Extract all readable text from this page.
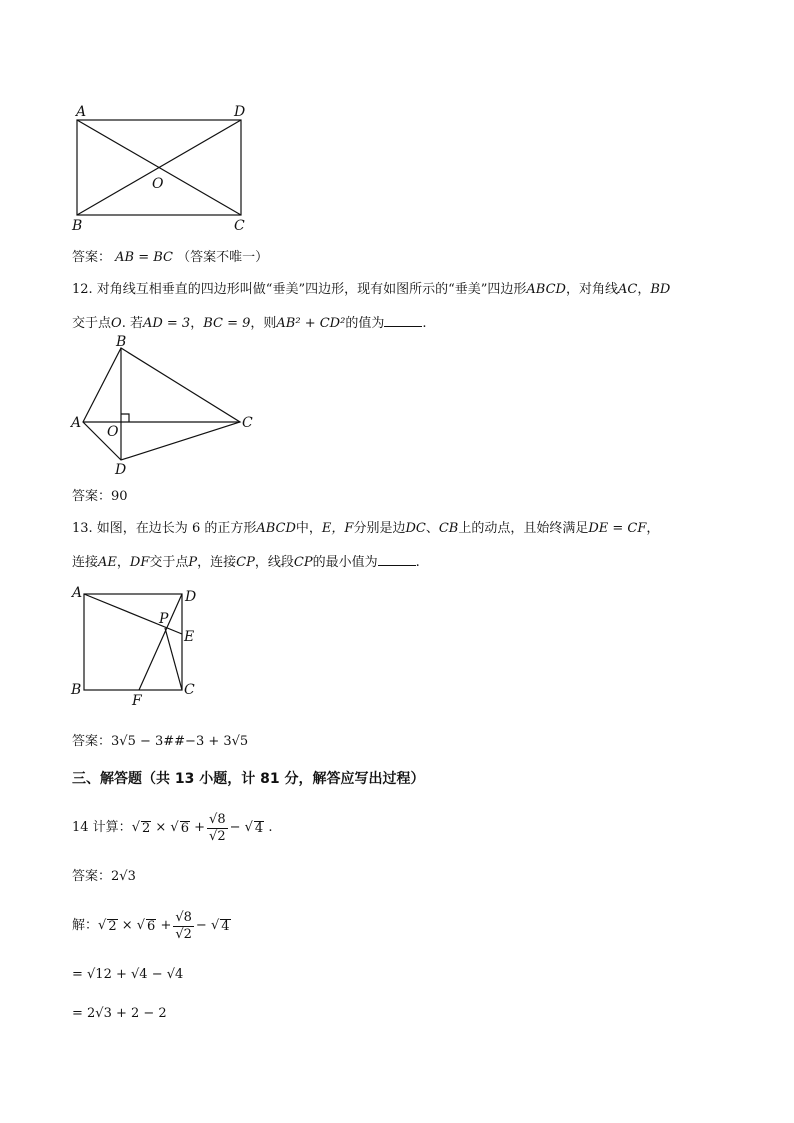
A	D
O
B	C
答案： AB = BC （答案不唯一）
12. 对角线互相垂直的四边形叫做“垂美”四边形，现有如图所示的“垂美”四边形ABCD，对角线AC，BD
交于点O. 若AD = 3，BC = 9，则AB² + CD²的值为	.
B
A
O
C
D
答案：90
13. 如图，在边长为 6 的正方形ABCD中，E，F分别是边DC、CB上的动点，且始终满足DE = CF，
连接AE，DF交于点P，连接CP，线段CP的最小值为	.
A	D
P
E
B
F
C
答案：3√5 − 3##−3 + 3√5
三、解答题（共 13 小题，计 81 分，解答应写出过程）
14 计算： √ 2 × √ $6 + \frac{√8}{√2}$ − √ 4 .
答案：2√3
解： √ 2 × √ $6 + \frac{√8}{√2}$ − √ 4
= √12 + √4 − √4
= 2√3 + 2 − 2
